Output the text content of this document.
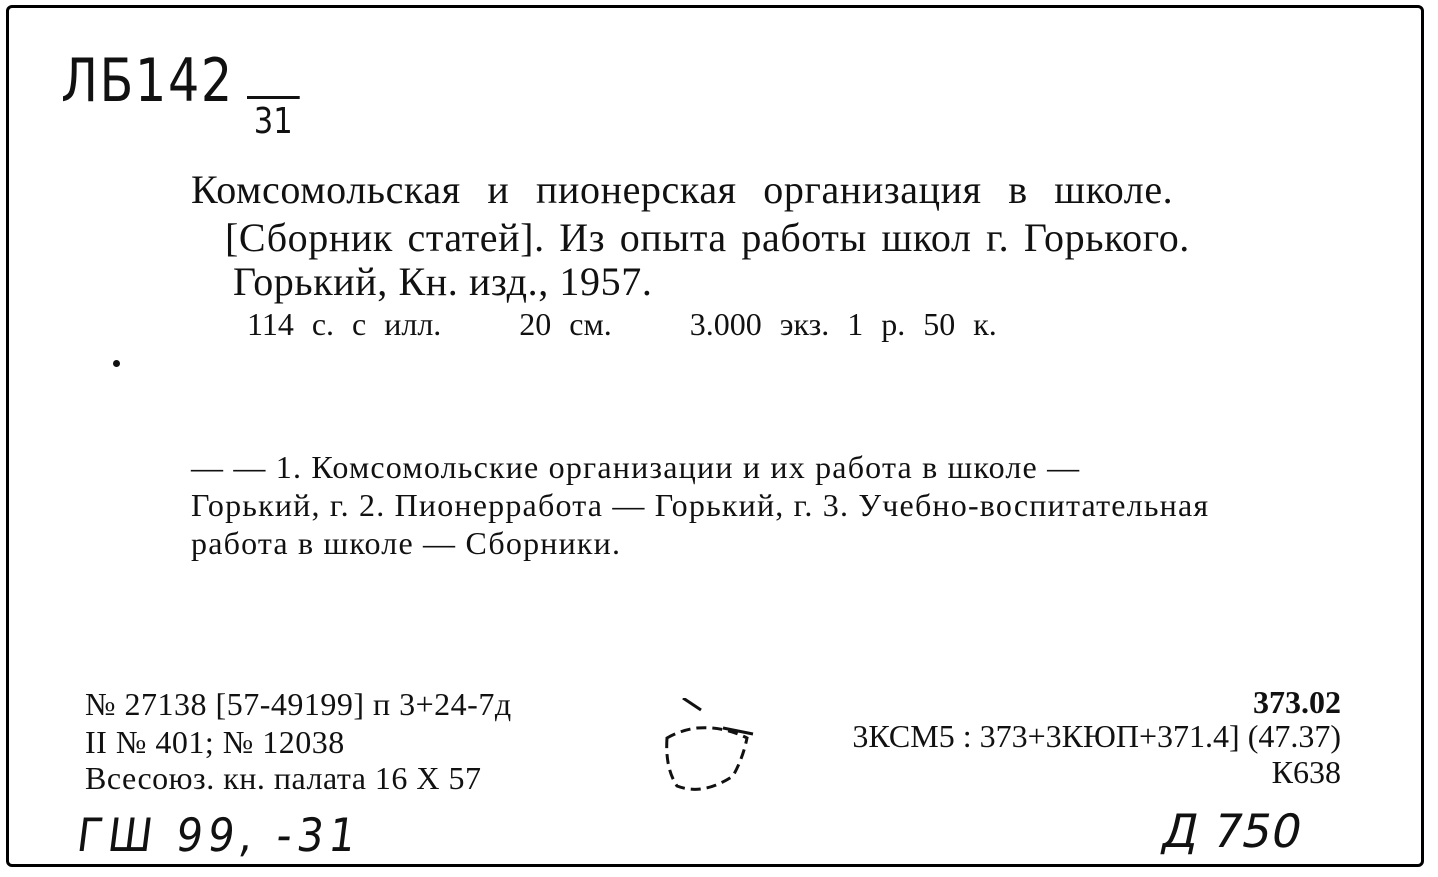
ЛБ142
31
Комсомольская и пионерская организация в школе.
[Сборник статей]. Из опыта работы школ г. Горького.
Горький, Кн. изд., 1957.
114 с. с илл. 20 см. 3.000 экз. 1 р. 50 к.
— — 1. Комсомольские организации и их работа в школе —
Горький, г. 2. Пионерработа — Горький, г. 3. Учебно-воспитательная
работа в школе — Сборники.
№ 27138 [57-49199] п 3+24-7д
II № 401; № 12038
Всесоюз. кн. палата 16 X 57
373.02
3КСМ5 : 373+3КЮП+371.4] (47.37)
К638
ГШ 99, -31	Д 750
